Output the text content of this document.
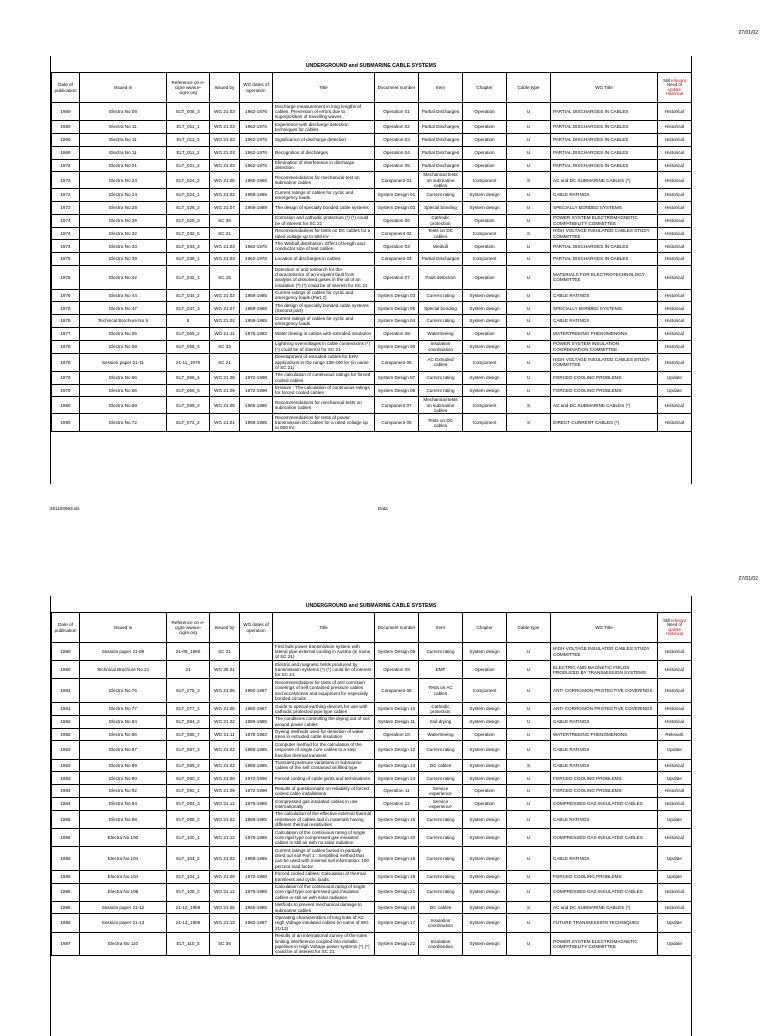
27/01/02
UNDERGROUND and SUBMARINE CABLE SYSTEMS
Date of publication	Issued in	Reference on e-cigre www.e-cigre.org	Issued by	WG dates of operation	Title	Document number	Item	Chapter	Cable type	WG Title	Still relevant
Need of
update
Historical
1969	Electra No 08	ELT_008_3	WG 21.03	1962-1976	Discharge measurement in long lengths of cables. Prevention of errors due to superposition of travelling waves.	Operation 01	Partial Discharges	Operation	U	PARTIAL DISCHARGES IN CABLES	Historical
1969	Electra No 11	ELT_011_1	WG 21.03	1962-1976	Experience with discharge detection techniques for cables	Operation 02	Partial Discharges	Operation	U	PARTIAL DISCHARGES IN CABLES	Historical
1969	Electra No 11	ELT_011_3	WG 21.03	1962-1976	Significance of discharge detection	Operation 03	Partial Discharges	Operation	U	PARTIAL DISCHARGES IN CABLES	Historical
1969	Electra No 11	ELT_011_2	WG 21.03	1962-1976	Recognition of discharges	Operation 04	Partial Discharges	Operation	U	PARTIAL DISCHARGES IN CABLES	Historical
1972	Electra No 21	ELT_021_2	WG 21.03	1962-1976	Elimination of interference in discharge detection	Operation 05	Partial Discharges	Operation	U	PARTIAL DISCHARGES IN CABLES	Historical
1972	Electra No 24	ELT_024_2	WG 21.05	1965-1986	Recommendations for mechanical test on submarine cables	Component 01	Mechanical tests on submarine cables	Component	S	AC and DC SUBMARINE CABLES (*)	Historical
1972	Electra No 24	ELT_024_1	WG 21.02	1959-1985	Current ratings of cables for cyclic and emergency loads	System Design 01	Current rating	System design	U	CABLE RATINGS	Historical
1973	Electra No 28	ELT_028_2	WG 21.07	1969-1988	The design of specially bonded cable systems	System Design 02	Special bonding	System design	U	SPECIALLY BONDED SYSTEMS	Historical
1974	Electra No 29	ELT_029_3	SC 36		Corrosion and cathodic protection (*) (*) could be of interest for SC 21	Operation 06	Cathodic protection	Operation	U	POWER SYSTEM ELECTROMAGNETIC COMPATIBILITY COMMITTEE	Historical
1974	Electra No 32	ELT_032_5	SC 21		Recommendations for tests on DC cables for a rated voltage up to 550 kV	Component 02	Tests on DC cables	Component	S	HIGH VOLTAGE INSULATED CABLES STUDY COMMITTEE	Historical
1974	Electra No 33	ELT_033_3	WG 21.03	1962-1976	The Weibull distribution. Effect of length and conductor size of test cables	Operation 03	Weibull	Operation	U	PARTIAL DISCHARGES IN CABLES	Historical
1975	Electra No 39	ELT_039_1	WG 21.03	1962-1976	Location of discharges in cables	Component 04	Partial Discharges	Component	U	PARTIAL DISCHARGES IN CABLES	Historical
1975	Electra No 42	ELT_042_1	SC 15		Detection of and research for the characteristics of an incipient fault from analysis of dissolved gases in the oil of an insulation (*) (*) could be of interest for SC 21	Operation 07	Fault detection	Operation	U	MATERIALS FOR ELECTROTECHNOLOGY COMMITTEE	Historical
1976	Electra No 44	ELT_044_2	WG 21.02	1959-1985	Current ratings of cables for cyclic and emergency loads (Part 2)	System Design 03	Current rating	System design	U	CABLE RATINGS	Historical
1976	Electra No 47	ELT_047_3	WG 21.07	1969-1988	The design of specially bonded cable systems (Second part)	System Design 05	Special bonding	System design	U	SPECIALLY BONDED SYSTEMS	Historical
1976	Technical Brochure No 5	5	WG 21.02	1959-1985	Current ratings of cables for cyclic and emergency loads.	System Design 04	Current rating	System design	U	CABLE RATINGS	Historical
1977	Electra No 55	ELT_055_2	WG 21.11	1975-1983	Water treeing in cables with extruded insulation	Operation 08	Watertreeing	Operation	U	WATERTREEING PHENOMENONS	Historical
1978	Electra No 58	ELT_058_4	SC 33		Lightning overvoltages in cable connections (*) (*) could be of interest for SC 21	System Design 06	Insulation coordination	System design	U	POWER SYSTEM INSULATION COORDINATION COMMITTEE	Historical
1978	Session paper 21-11	21-11_1978	SC 21		Development of extruded cables for EHV applications in the range 138-400 kV (in name of SC 21)	Component 05	AC Extruded cables	Component	U	HIGH VOLTAGE INSULATED CABLES STUDY COMMITTEE	Historical
1979	Electra No 66	ELT_066_4	WG 21.08	1972-1990	The calculation of continuous ratings for forced cooled cables	System Design 07	Current rating	System design	U	FORCED COOLING PROBLEMS	Update
1979	Electra No 66	ELT_066_5	WG 21.08	1972-1990	Erratum : The calculation of continuous ratings for forced cooled cables	System Design 08	Current rating	System design	U	FORCED COOLING PROBLEMS	Update
1980	Electra No 68	ELT_068_2	WG 21.05	1965-1986	Recommendations for mechanical tests on submarine cables	Component 07	Mechanical tests on submarine cables	Component	S	AC and DC SUBMARINE CABLES (*)	Historical
1980	Electra No 72	ELT_072_2	WG 21.01	1959-1985	Recommendations for tests of power transmission DC cables for a rated voltage up to 600 kV.	Component 06	Tests on DC cables	Component	S	DIRECT CURRENT CABLES (*)	Historical
261193963.xls	Data
27/01/02
UNDERGROUND and SUBMARINE CABLE SYSTEMS
Date of publication	Issued in	Reference on e-cigre www.e-cigre.org	Issued by	WG dates of operation	Title	Document number	Item	Chapter	Cable type	WG Title	Still relevant
Need of
update
Historical
1980	Session paper 21-09	21-09_1980	SC 21		First bulk power transmission system with lateral pipe external cooling in Austria (in name of SC 21)	System Design 09	Current rating	System design	U	HIGH VOLTAGE INSULATED CABLES STUDY COMMITTEE	Historical
1980	Technical Brochure No 21	21	WG 36.01		Electric and magnetic fields produced by transmission systems (*) (*) could be of interest for SC 21	Operation 09	EMF	Operation	U	ELECTRIC AND MAGNETIC FIELDS PRODUCED BY TRANSMISSION SYSTEMS	Historical
1981	Electra No 75	ELT_075_3	WG 21.05	1960-1987	Recommendations for tests of anti corrosion coverings of self contained pressure cables and accessories and equipment for especially bonded circuits	Component 08	Tests on AC cables	Component	U	ANTI CORROSION PROTECTIVE COVERINGS	Historical
1981	Electra No 77	ELT_077_1	WG 21.05	1960-1987	Guide to special earthing devices for use with cathodic protected pipe type cables	System Design 10	Cathodic protection	System design	U	ANTI CORROSION PROTECTIVE COVERINGS	Historical
1982	Electra No 84	ELT_084_2	WG 21.02	1959-1985	The conditions controlling the drying out of soil around power cables	System Design 11	Soil drying	System design	U	CABLE RATINGS	Historical
1982	Electra No 86	ELT_086_7	WG 21.11	1975-1983	Dyeing methods used for detection of water trees in extruded cable insulation	Operation 10	Watertreeing	Operation	U	WATERTREEING PHENOMENONS	Relevant
1983	Electra No 87	ELT_087_3	WG 21.02	1959-1985	Computer method for the calculation of the response of single core cables to a step function thermal transient	System Design 12	Current rating	System design	U	CABLE RATINGS	Update
1983	Electra No 89	ELT_089_2	WG 21.02	1959-1985	Transient pressure variations in submarine cables of the self contained oil filled type	System Design 13	DC cables	System design	S	CABLE RATINGS	Historical
1983	Electra No 90	ELT_090_2	WG 21.08	1972-1990	Forced cooling of cable joints and terminations	System Design 14	Current rating	System design	U	FORCED COOLING PROBLEMS	Update
1984	Electra No 92	ELT_092_1	WG 21.08	1972-1990	Results of questionnaire on reliability of forced cooled cable installations	Operation 11	Service experience	Operation	U	FORCED COOLING PROBLEMS	Historical
1984	Electra No 94	ELT_094_3	WG 21.12	1976-1988	Compressed gas insulated cables in use internationally	Operation 12	Service experience	Operation	U	COMPRESSED GAS INSULATED CABLES	Historical
1985	Electra No 98	ELT_098_2	WG 21.02	1959-1985	The calculation of the effective external thermal resistance of cables laid in materials having different thermal resistivities	System Design 15	Current rating	System design	U	CABLE RATINGS	Update
1986	Electra No 100	ELT_100_1	WG 21.12	1976-1988	Calculation of the continuous rating of single core rigid type compressed gas insulated cables in still air with no solar radiation	System Design 20	Current rating	System design	U	COMPRESSED GAS INSULATED CABLES	Historical
1986	Electra No 104	ELT_104_2	WG 21.02	1959-1985	Current ratings of cables buried in partially dried out soil Part 1 : Simplified method that can be used with minimal soil information: 100 percent load factor	System Design 16	Current rating	System design	U	CABLE RATINGS	Update
1986	Electra No 104	ELT_104_1	WG 21.08	1972-1990	Forced cooled cables: Calculation of thermal transients and cyclic loads.	System Design 19	Current rating	System design	U	FORCED COOLING PROBLEMS	Update
1986	Electra No 108	ELT_108_2	WG 21.12	1976-1988	Calculation of the continuous rating of single core rigid type compressed gas insulated cables in still air with solar radiation	System Design 21	Current rating	System design	U	COMPRESSED GAS INSULATED CABLES	Historical
1986	Session paper 21-12	21-12_1986	WG 21.05	1965-1986	Methods to prevent mechanical damage to submarine cables	System Design 16	DC cables	System design	S	AC and DC SUBMARINE CABLES (*)	Historical
1986	Session paper 21-13	21-13_1986	WG 21.13	1982-1987	Operating characteristics of long links of AC High Voltage insulated cables (in name of WG 21/13)	System Design 17	Insulation coordination	System design	U	FUTURE TRANSMISSION TECHNIQUES	Update
1987	Electra No 110	ELT_110_3	SC 36		Results of an international survey of the rules limiting interference coupled into metallic pipelines in High Voltage power systems (*) (*) could be of interest for SC 21	System Design 22	Insulation coordination	System design	U	POWER SYSTEM ELECTROMAGNETIC COMPATIBILITY COMMITTEE	Update
